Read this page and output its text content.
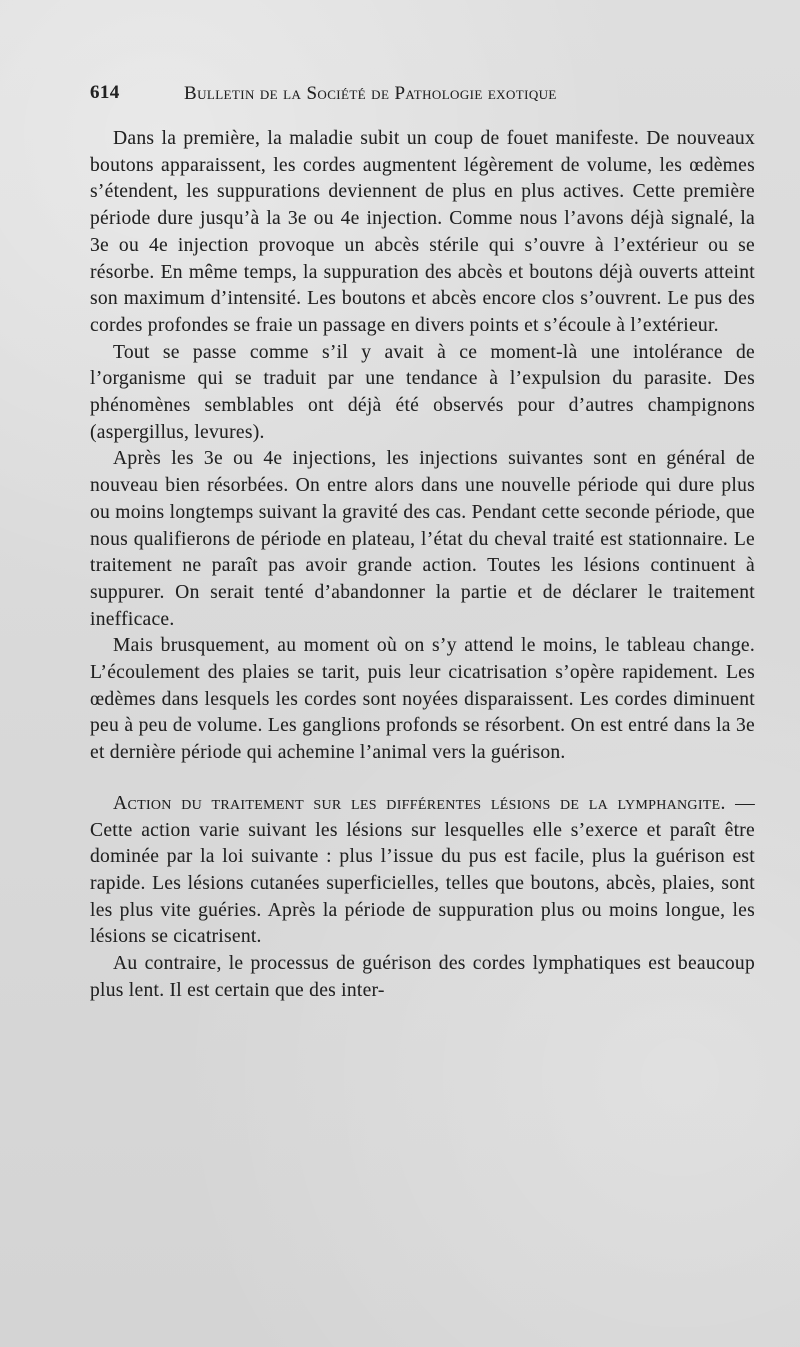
614	Bulletin de la Société de Pathologie exotique

Dans la première, la maladie subit un coup de fouet manifeste. De nouveaux boutons apparaissent, les cordes augmentent légèrement de volume, les œdèmes s’étendent, les suppurations deviennent de plus en plus actives. Cette première période dure jusqu’à la 3e ou 4e injection. Comme nous l’avons déjà signalé, la 3e ou 4e injection provoque un abcès stérile qui s’ouvre à l’extérieur ou se résorbe. En même temps, la suppuration des abcès et boutons déjà ouverts atteint son maximum d’intensité. Les boutons et abcès encore clos s’ouvrent. Le pus des cordes profondes se fraie un passage en divers points et s’écoule à l’extérieur.

Tout se passe comme s’il y avait à ce moment-là une intolérance de l’organisme qui se traduit par une tendance à l’expulsion du parasite. Des phénomènes semblables ont déjà été observés pour d’autres champignons (aspergillus, levures).

Après les 3e ou 4e injections, les injections suivantes sont en général de nouveau bien résorbées. On entre alors dans une nouvelle période qui dure plus ou moins longtemps suivant la gravité des cas. Pendant cette seconde période, que nous qualifierons de période en plateau, l’état du cheval traité est stationnaire. Le traitement ne paraît pas avoir grande action. Toutes les lésions continuent à suppurer. On serait tenté d’abandonner la partie et de déclarer le traitement inefficace.

Mais brusquement, au moment où on s’y attend le moins, le tableau change. L’écoulement des plaies se tarit, puis leur cicatrisation s’opère rapidement. Les œdèmes dans lesquels les cordes sont noyées disparaissent. Les cordes diminuent peu à peu de volume. Les ganglions profonds se résorbent. On est entré dans la 3e et dernière période qui achemine l’animal vers la guérison.

Action du traitement sur les différentes lésions de la lymphangite. — Cette action varie suivant les lésions sur lesquelles elle s’exerce et paraît être dominée par la loi suivante : plus l’issue du pus est facile, plus la guérison est rapide. Les lésions cutanées superficielles, telles que boutons, abcès, plaies, sont les plus vite guéries. Après la période de suppuration plus ou moins longue, les lésions se cicatrisent.

Au contraire, le processus de guérison des cordes lymphatiques est beaucoup plus lent. Il est certain que des inter-
